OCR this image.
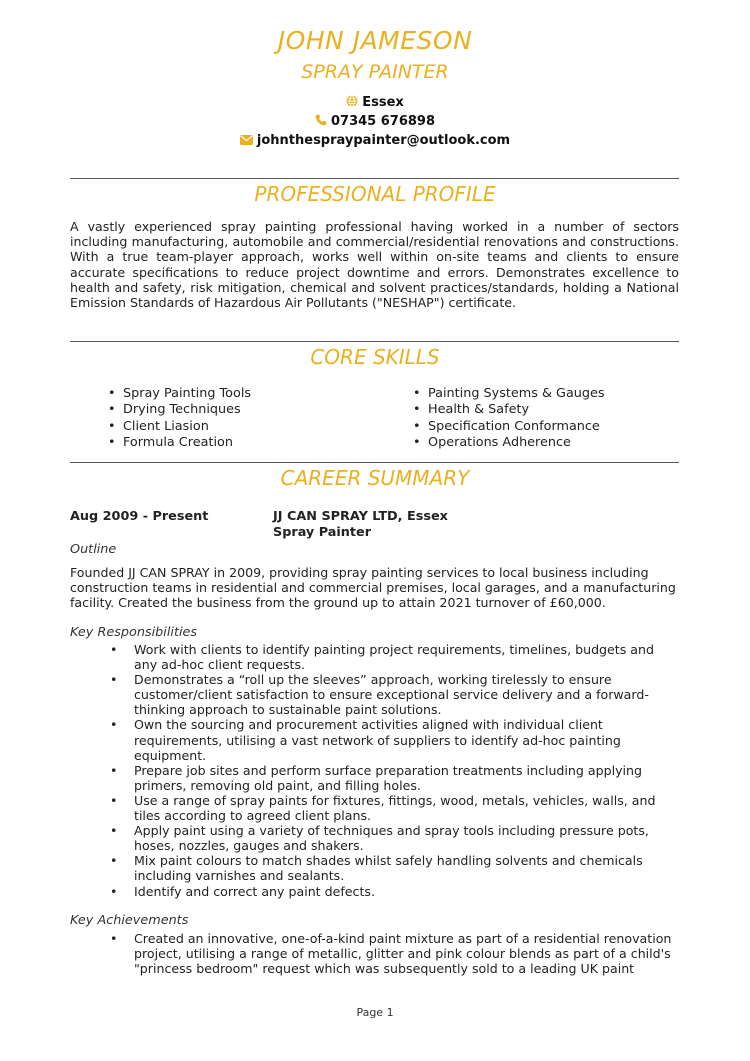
JOHN JAMESON
SPRAY PAINTER
Essex
07345 676898
johnthespraypainter@outlook.com
PROFESSIONAL PROFILE
A vastly experienced spray painting professional having worked in a number of sectors including manufacturing, automobile and commercial/residential renovations and constructions. With a true team-player approach, works well within on-site teams and clients to ensure accurate specifications to reduce project downtime and errors. Demonstrates excellence to health and safety, risk mitigation, chemical and solvent practices/standards, holding a National Emission Standards of Hazardous Air Pollutants ("NESHAP") certificate.
CORE SKILLS
• Spray Painting Tools
• Drying Techniques
• Client Liasion
• Formula Creation
• Painting Systems & Gauges
• Health & Safety
• Specification Conformance
• Operations Adherence
CAREER SUMMARY
Aug 2009 - Present	JJ CAN SPRAY LTD, Essex
Spray Painter
Outline
Founded JJ CAN SPRAY in 2009, providing spray painting services to local business including construction teams in residential and commercial premises, local garages, and a manufacturing facility. Created the business from the ground up to attain 2021 turnover of £60,000.
Key Responsibilities
• Work with clients to identify painting project requirements, timelines, budgets and any ad-hoc client requests.
• Demonstrates a “roll up the sleeves” approach, working tirelessly to ensure customer/client satisfaction to ensure exceptional service delivery and a forward-thinking approach to sustainable paint solutions.
• Own the sourcing and procurement activities aligned with individual client requirements, utilising a vast network of suppliers to identify ad-hoc painting equipment.
• Prepare job sites and perform surface preparation treatments including applying primers, removing old paint, and filling holes.
• Use a range of spray paints for fixtures, fittings, wood, metals, vehicles, walls, and tiles according to agreed client plans.
• Apply paint using a variety of techniques and spray tools including pressure pots, hoses, nozzles, gauges and shakers.
• Mix paint colours to match shades whilst safely handling solvents and chemicals including varnishes and sealants.
• Identify and correct any paint defects.
Key Achievements
• Created an innovative, one-of-a-kind paint mixture as part of a residential renovation project, utilising a range of metallic, glitter and pink colour blends as part of a child's "princess bedroom" request which was subsequently sold to a leading UK paint
Page 1
